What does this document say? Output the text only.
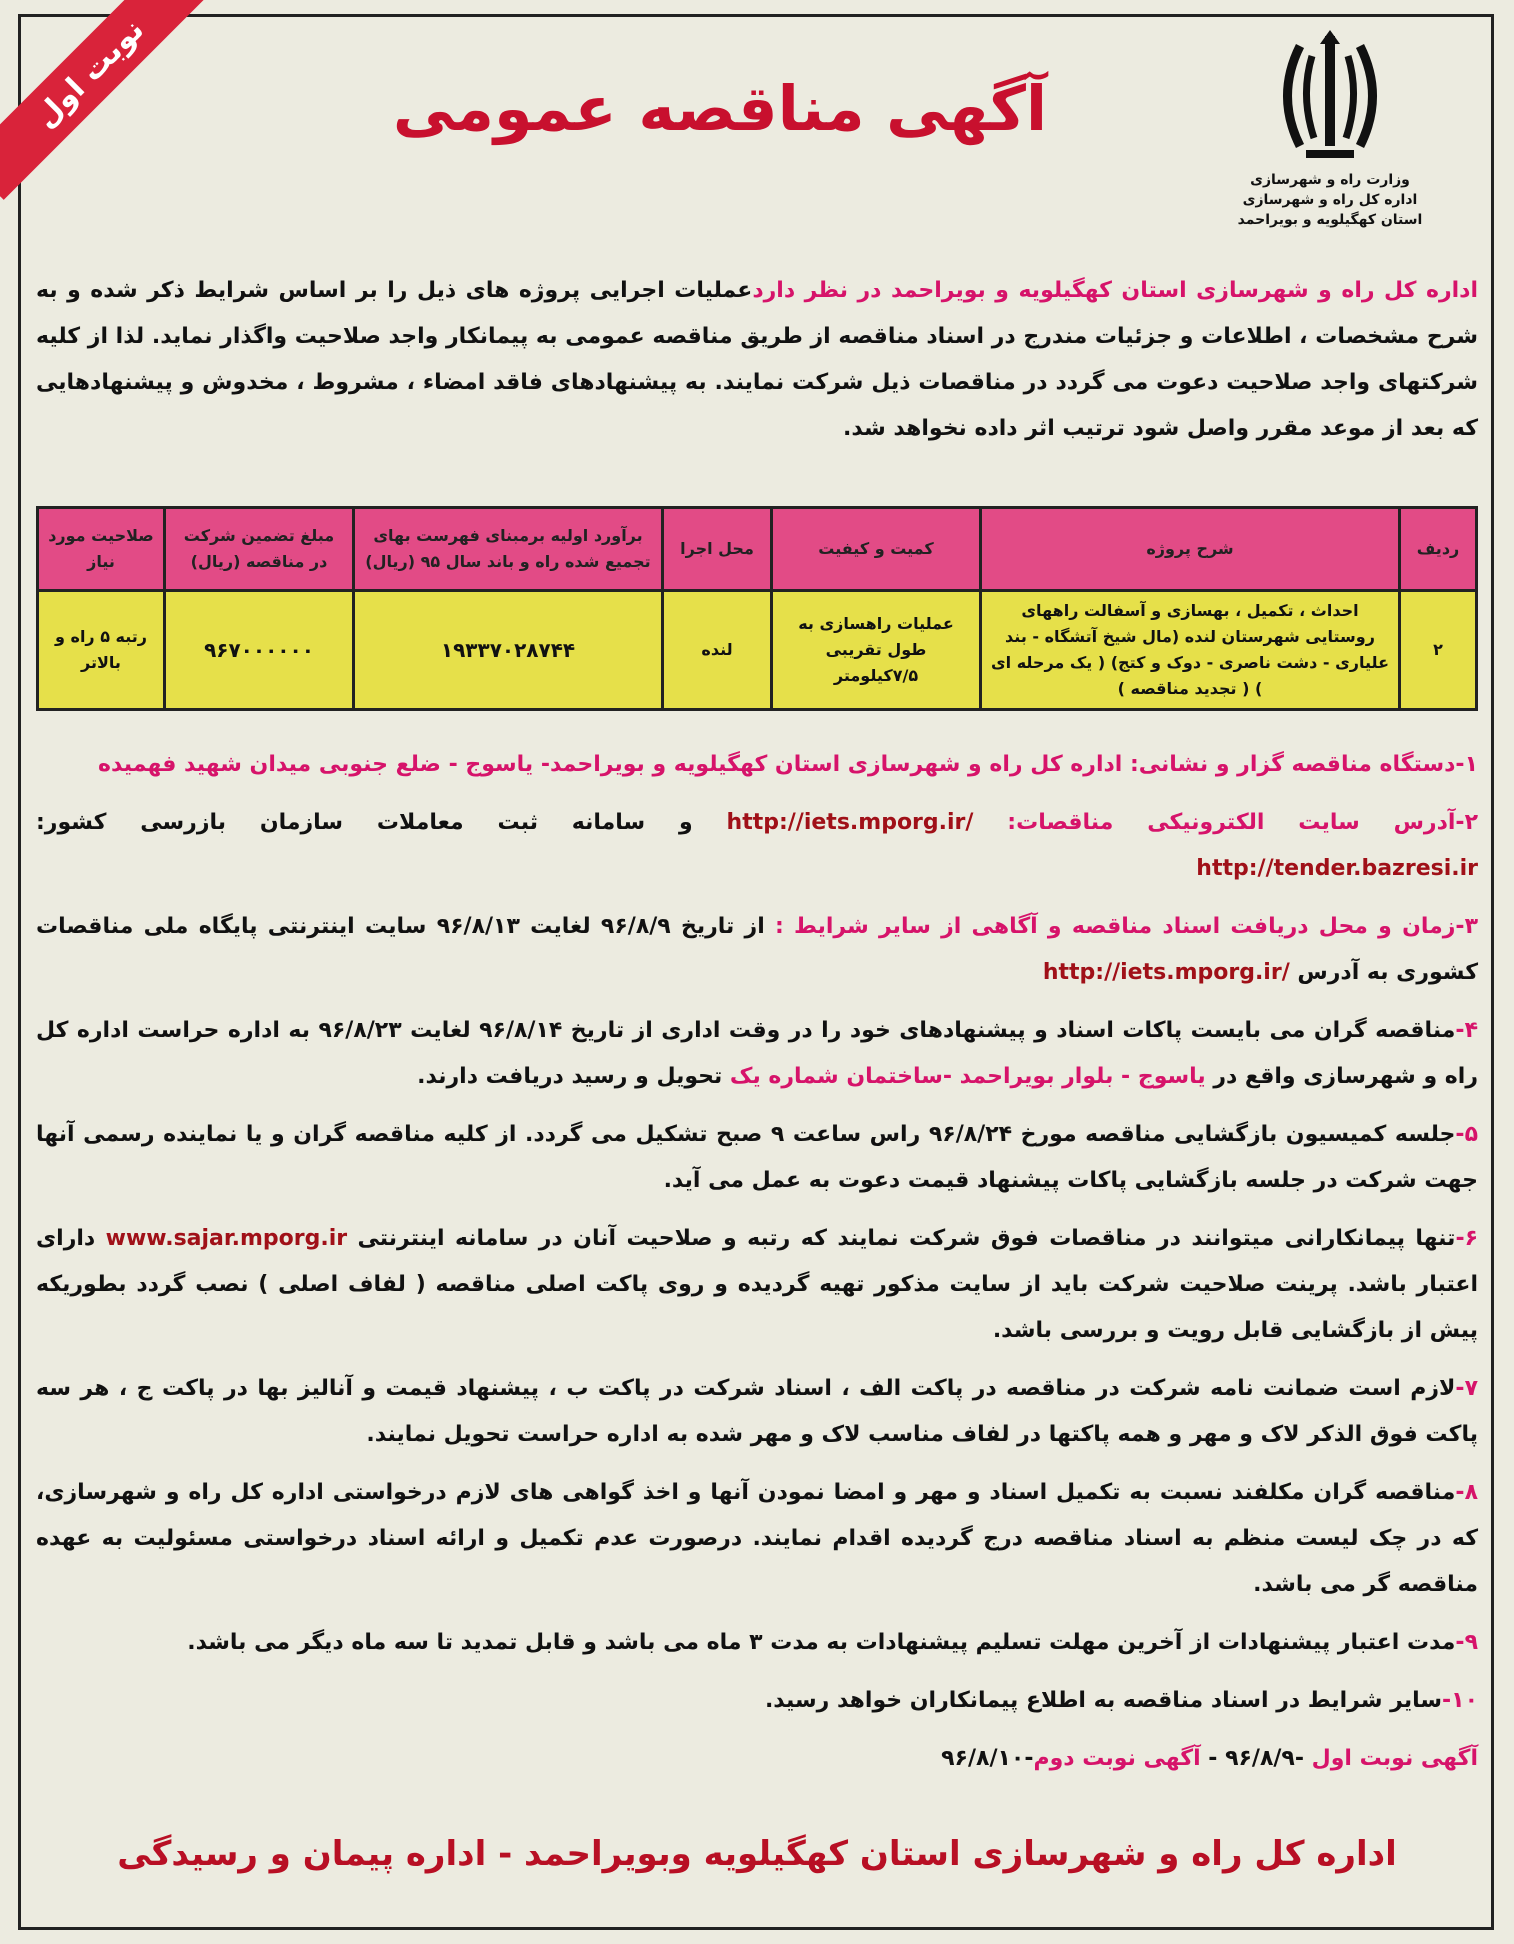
نوبت اول	آگهی مناقصه عمومی
وزارت راه و شهرسازی
اداره کل راه و شهرسازی
استان کهگیلویه و بویراحمد
اداره کل راه و شهرسازی استان کهگیلویه و بویراحمد در نظر داردعملیات اجرایی پروژه های ذیل را بر اساس شرایط ذکر شده و به شرح مشخصات ، اطلاعات و جزئیات مندرج در اسناد مناقصه از طریق مناقصه عمومی به پیمانکار واجد صلاحیت واگذار نماید. لذا از کلیه شرکتهای واجد صلاحیت دعوت می گردد در مناقصات ذیل شرکت نمایند. به پیشنهادهای فاقد امضاء ، مشروط ، مخدوش و پیشنهادهایی که بعد از موعد مقرر واصل شود ترتیب اثر داده نخواهد شد.
ردیف	شرح پروژه	کمیت و کیفیت	محل اجرا	برآورد اولیه برمبنای فهرست بهای تجمیع شده راه و باند سال ۹۵ (ریال)	مبلغ تضمین شرکت در مناقصه (ریال)	صلاحیت مورد نیاز
۲	احداث ، تکمیل ، بهسازی و آسفالت راههای روستایی شهرستان لنده (مال شیخ آتشگاه - بند علیاری - دشت ناصری - دوک و کتج) ( یک مرحله ای ) ( تجدید مناقصه )	عملیات راهسازی به طول تقریبی ۷/۵کیلومتر	لنده	۱۹۳۳۷۰۲۸۷۴۴	۹۶۷۰۰۰۰۰۰	رتبه ۵ راه و بالاتر

۱-دستگاه مناقصه گزار و نشانی: اداره کل راه و شهرسازی استان کهگیلویه و بویراحمد- یاسوج - ضلع جنوبی میدان شهید فهمیده

۲-آدرس سایت الکترونیکی مناقصات: http://iets.mporg.ir/ و سامانه ثبت معاملات سازمان بازرسی کشور: http://tender.bazresi.ir

۳-زمان و محل دریافت اسناد مناقصه و آگاهی از سایر شرایط : از تاریخ ۹۶/۸/۹ لغایت ۹۶/۸/۱۳ سایت اینترنتی پایگاه ملی مناقصات کشوری به آدرس http://iets.mporg.ir/

۴-مناقصه گران می بایست پاکات اسناد و پیشنهادهای خود را در وقت اداری از تاریخ ۹۶/۸/۱۴ لغایت ۹۶/۸/۲۳ به اداره حراست اداره کل راه و شهرسازی واقع در یاسوج - بلوار بویراحمد -ساختمان شماره یک تحویل و رسید دریافت دارند.

۵-جلسه کمیسیون بازگشایی مناقصه مورخ ۹۶/۸/۲۴ راس ساعت ۹ صبح تشکیل می گردد. از کلیه مناقصه گران و یا نماینده رسمی آنها جهت شرکت در جلسه بازگشایی پاکات پیشنهاد قیمت دعوت به عمل می آید.

۶-تنها پیمانکارانی میتوانند در مناقصات فوق شرکت نمایند که رتبه و صلاحیت آنان در سامانه اینترنتی www.sajar.mporg.ir دارای اعتبار باشد. پرینت صلاحیت شرکت باید از سایت مذکور تهیه گردیده و روی پاکت اصلی مناقصه ( لفاف اصلی ) نصب گردد بطوریکه پیش از بازگشایی قابل رویت و بررسی باشد.

۷-لازم است ضمانت نامه شرکت در مناقصه در پاکت الف ، اسناد شرکت در پاکت ب ، پیشنهاد قیمت و آنالیز بها در پاکت ج ، هر سه پاکت فوق الذکر لاک و مهر و همه پاکتها در لفاف مناسب لاک و مهر شده به اداره حراست تحویل نمایند.

۸-مناقصه گران مکلفند نسبت به تکمیل اسناد و مهر و امضا نمودن آنها و اخذ گواهی های لازم درخواستی اداره کل راه و شهرسازی، که در چک لیست منظم به اسناد مناقصه درج گردیده اقدام نمایند. درصورت عدم تکمیل و ارائه اسناد درخواستی مسئولیت به عهده مناقصه گر می باشد.

۹-مدت اعتبار پیشنهادات از آخرین مهلت تسلیم پیشنهادات به مدت ۳ ماه می باشد و قابل تمدید تا سه ماه دیگر می باشد.

۱۰-سایر شرایط در اسناد مناقصه به اطلاع پیمانکاران خواهد رسید.

آگهی نوبت اول -۹۶/۸/۹ - آگهی نوبت دوم-۹۶/۸/۱۰

اداره کل راه و شهرسازی استان کهگیلویه وبویراحمد - اداره پیمان و رسیدگی
